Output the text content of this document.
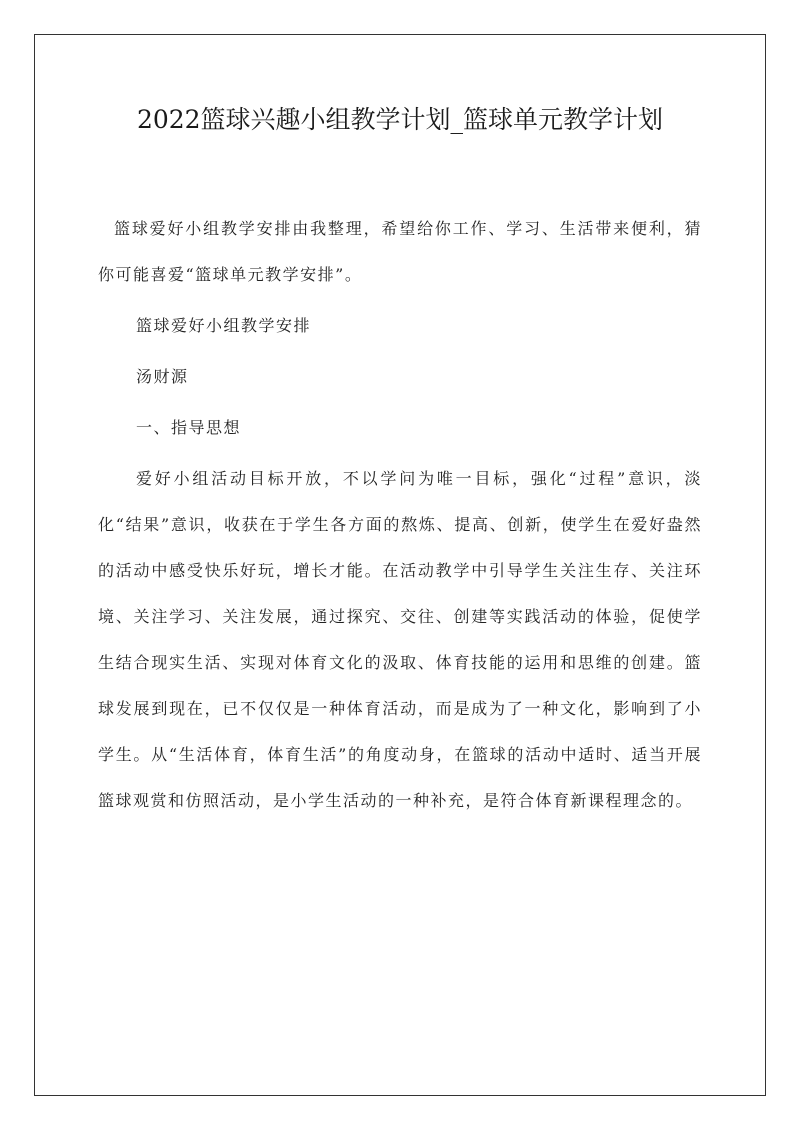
2022篮球兴趣小组教学计划_篮球单元教学计划

篮球爱好小组教学安排由我整理，希望给你工作、学习、生活带来便利，猜你可能喜爱“篮球单元教学安排”。

篮球爱好小组教学安排

汤财源

一、指导思想

爱好小组活动目标开放，不以学问为唯一目标，强化“过程”意识，淡化“结果”意识，收获在于学生各方面的熬炼、提高、创新，使学生在爱好盎然的活动中感受快乐好玩，增长才能。在活动教学中引导学生关注生存、关注环境、关注学习、关注发展，通过探究、交往、创建等实践活动的体验，促使学生结合现实生活、实现对体育文化的汲取、体育技能的运用和思维的创建。篮球发展到现在，已不仅仅是一种体育活动，而是成为了一种文化，影响到了小学生。从“生活体育，体育生活”的角度动身，在篮球的活动中适时、适当开展篮球观赏和仿照活动，是小学生活动的一种补充，是符合体育新课程理念的。
